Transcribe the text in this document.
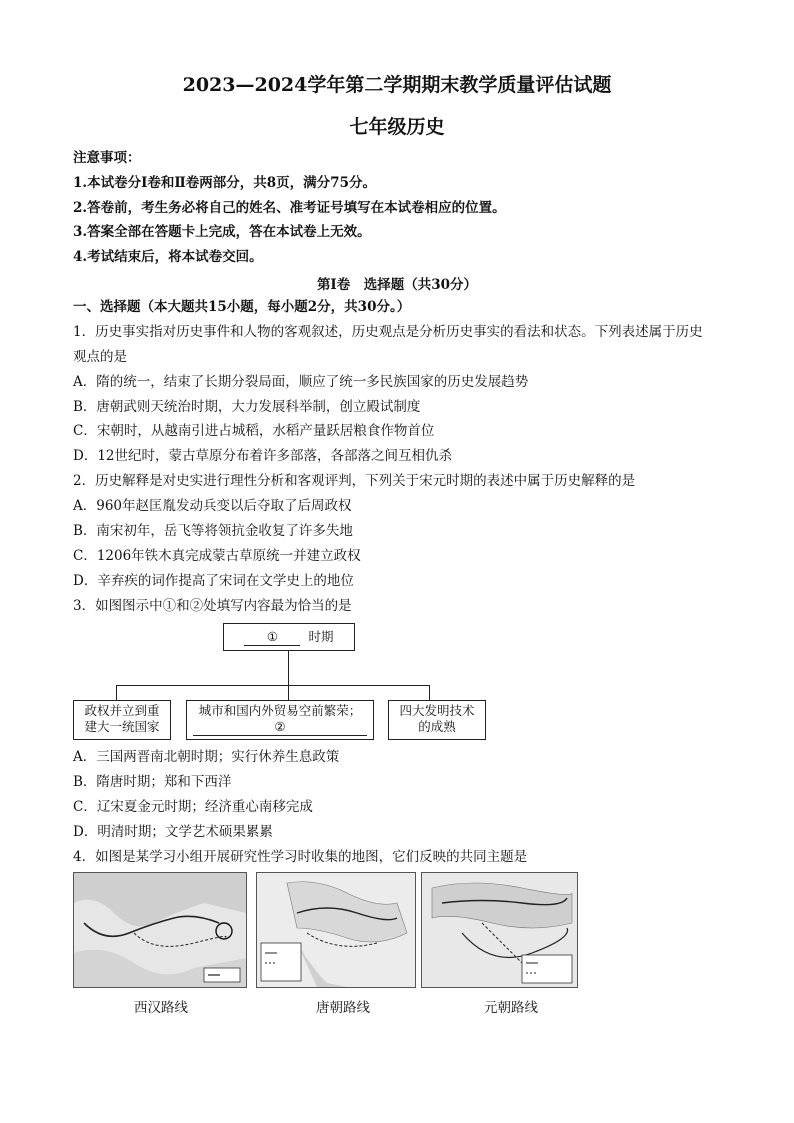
2023—2024学年第二学期期末教学质量评估试题
七年级历史
注意事项：
1.本试卷分Ⅰ卷和Ⅱ卷两部分，共8页，满分75分。
2.答卷前，考生务必将自己的姓名、准考证号填写在本试卷相应的位置。
3.答案全部在答题卡上完成，答在本试卷上无效。
4.考试结束后，将本试卷交回。
第Ⅰ卷　选择题（共30分）
一、选择题（本大题共15小题，每小题2分，共30分。）
1．历史事实指对历史事件和人物的客观叙述，历史观点是分析历史事实的看法和状态。下列表述属于历史
观点的是
A．隋的统一，结束了长期分裂局面，顺应了统一多民族国家的历史发展趋势
B．唐朝武则天统治时期，大力发展科举制，创立殿试制度
C．宋朝时，从越南引进占城稻，水稻产量跃居粮食作物首位
D．12世纪时，蒙古草原分布着许多部落，各部落之间互相仇杀
2．历史解释是对史实进行理性分析和客观评判，下列关于宋元时期的表述中属于历史解释的是
A．960年赵匡胤发动兵变以后夺取了后周政权
B．南宋初年，岳飞等将领抗金收复了许多失地
C．1206年铁木真完成蒙古草原统一并建立政权
D．辛弃疾的词作提高了宋词在文学史上的地位
3．如图图示中①和②处填写内容最为恰当的是
① 时期
政权并立到重
建大一统国家
城市和国内外贸易空前繁荣；
②
四大发明技术
的成熟
A．三国两晋南北朝时期；实行休养生息政策
B．隋唐时期；郑和下西洋
C．辽宋夏金元时期；经济重心南移完成
D．明清时期；文学艺术硕果累累
4．如图是某学习小组开展研究性学习时收集的地图，它们反映的共同主题是
西汉路线	唐朝路线	元朝路线
